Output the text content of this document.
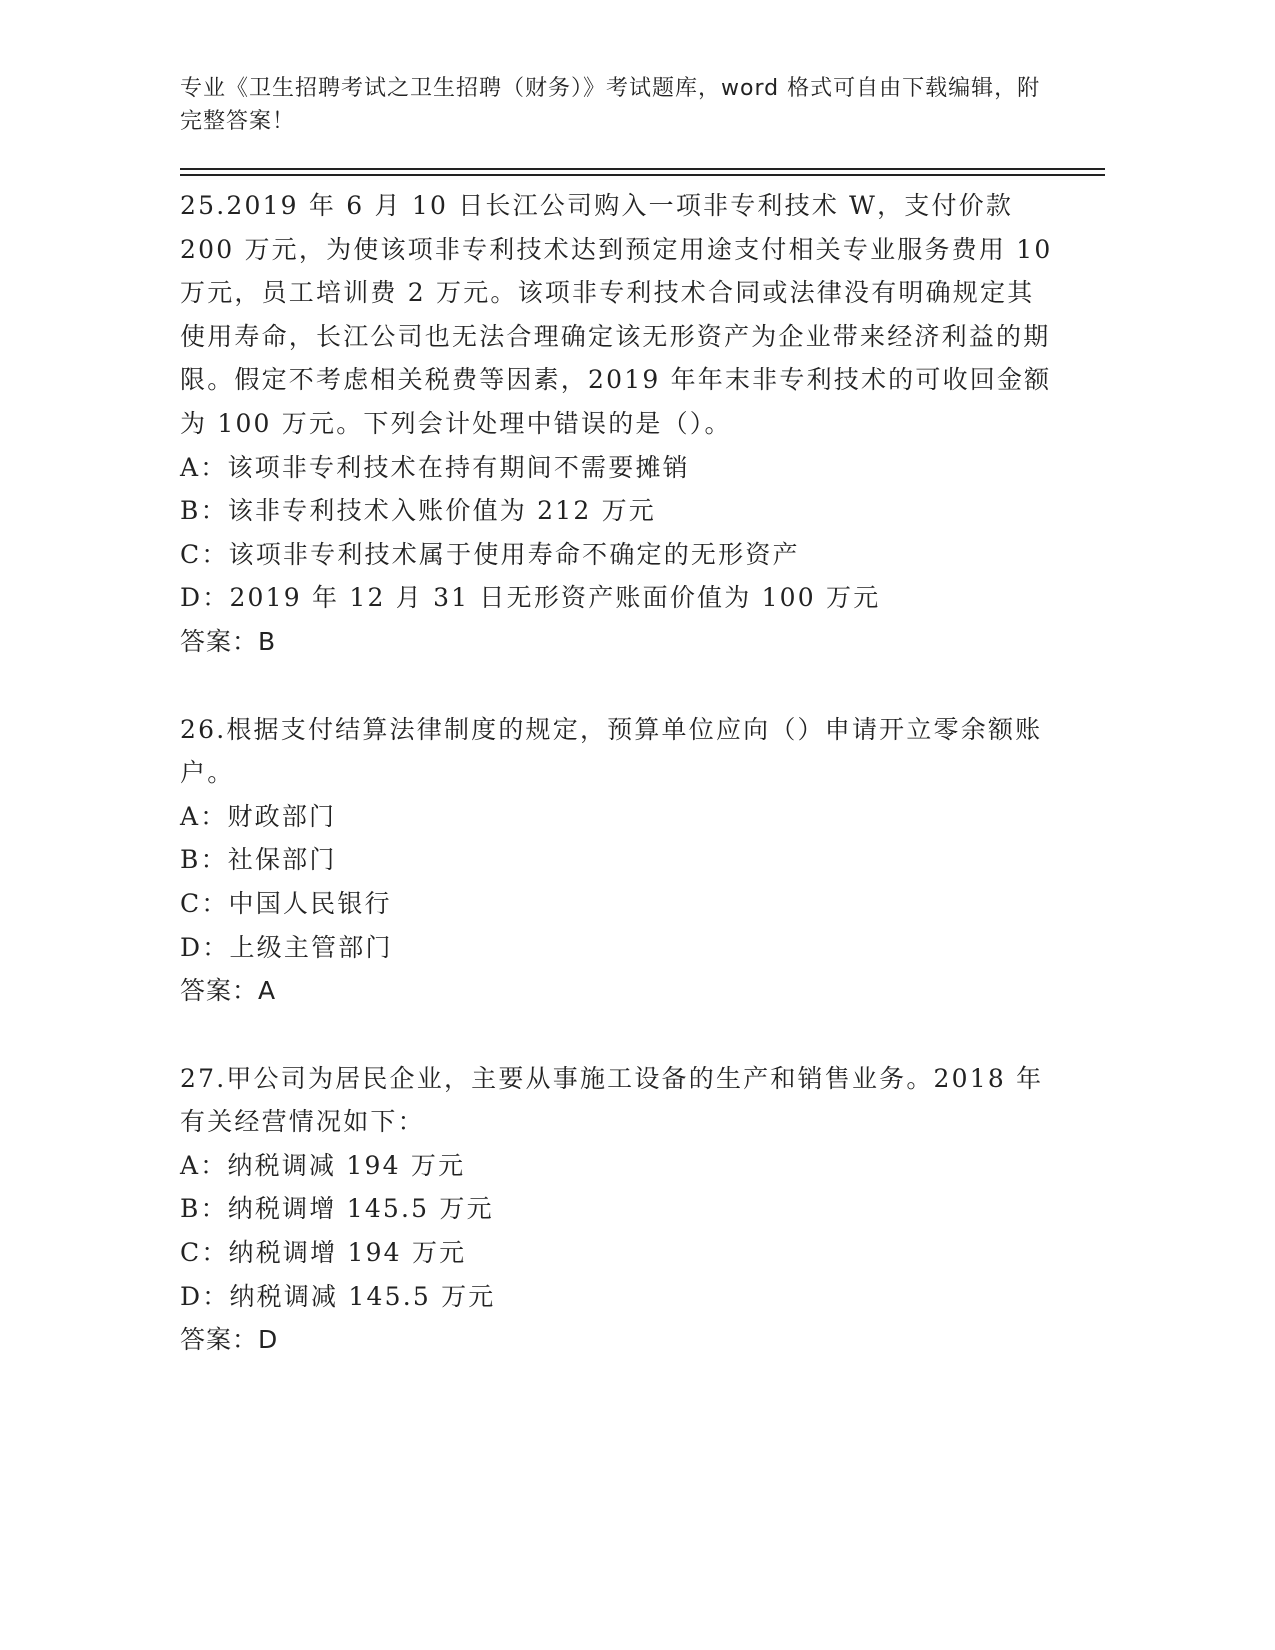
专业《卫生招聘考试之卫生招聘（财务）》考试题库，word 格式可自由下载编辑，附完整答案！

25.2019 年 6 月 10 日长江公司购入一项非专利技术 W，支付价款 200 万元，为使该项非专利技术达到预定用途支付相关专业服务费用 10 万元，员工培训费 2 万元。该项非专利技术合同或法律没有明确规定其使用寿命，长江公司也无法合理确定该无形资产为企业带来经济利益的期限。假定不考虑相关税费等因素，2019 年年末非专利技术的可收回金额为 100 万元。下列会计处理中错误的是（）。

A：该项非专利技术在持有期间不需要摊销

B：该非专利技术入账价值为 212 万元

C：该项非专利技术属于使用寿命不确定的无形资产

D：2019 年 12 月 31 日无形资产账面价值为 100 万元

答案：B

26.根据支付结算法律制度的规定，预算单位应向（）申请开立零余额账户。

A：财政部门

B：社保部门

C：中国人民银行

D：上级主管部门

答案：A

27.甲公司为居民企业，主要从事施工设备的生产和销售业务。2018 年有关经营情况如下：

A：纳税调减 194 万元

B：纳税调增 145.5 万元

C：纳税调增 194 万元

D：纳税调减 145.5 万元

答案：D
